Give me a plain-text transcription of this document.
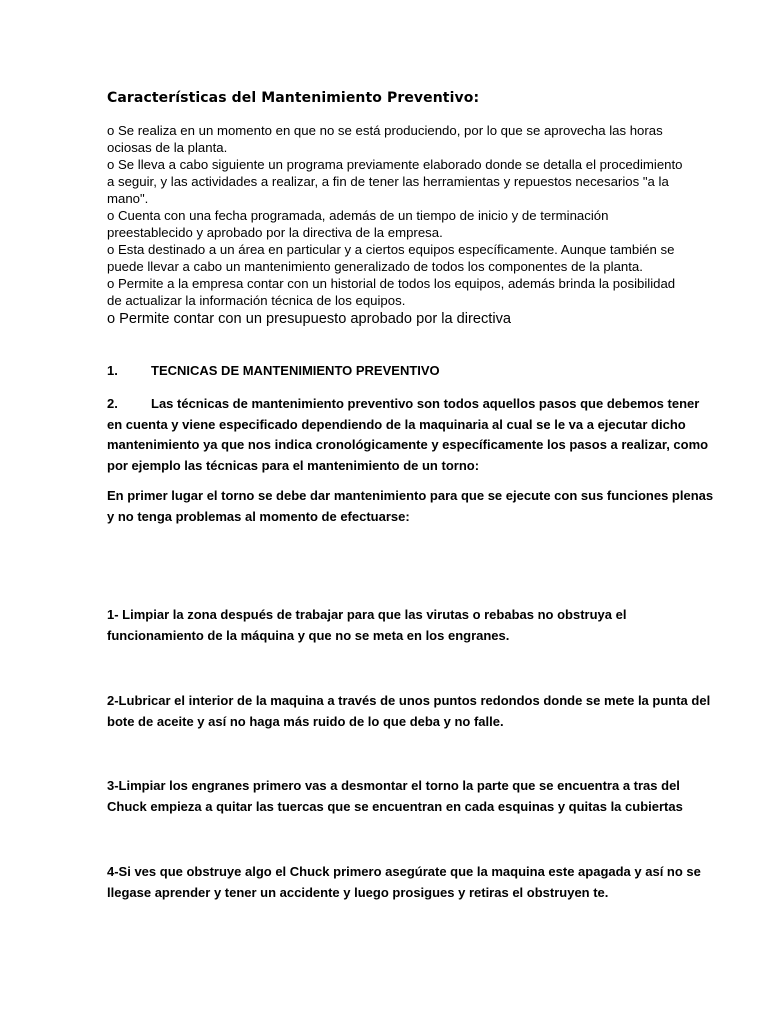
Características del Mantenimiento Preventivo:
o Se realiza en un momento en que no se está produciendo, por lo que se aprovecha las horas
ociosas de la planta.
o Se lleva a cabo siguiente un programa previamente elaborado donde se detalla el procedimiento
a seguir, y las actividades a realizar, a fin de tener las herramientas y repuestos necesarios "a la
mano".
o Cuenta con una fecha programada, además de un tiempo de inicio y de terminación
preestablecido y aprobado por la directiva de la empresa.
o Esta destinado a un área en particular y a ciertos equipos específicamente. Aunque también se
puede llevar a cabo un mantenimiento generalizado de todos los componentes de la planta.
o Permite a la empresa contar con un historial de todos los equipos, además brinda la posibilidad
de actualizar la información técnica de los equipos.
o Permite contar con un presupuesto aprobado por la directiva
1.	TECNICAS DE MANTENIMIENTO PREVENTIVO
2.	Las técnicas de mantenimiento preventivo son todos aquellos pasos que debemos tener
en cuenta y viene especificado dependiendo de la maquinaria al cual se le va a ejecutar dicho
mantenimiento ya que nos indica cronológicamente y específicamente los pasos a realizar, como
por ejemplo las técnicas para el mantenimiento de un torno:
En primer lugar el torno se debe dar mantenimiento para que se ejecute con sus funciones plenas
y no tenga problemas al momento de efectuarse:
1- Limpiar la zona después de trabajar para que las virutas o rebabas no obstruya el
funcionamiento de la máquina y que no se meta en los engranes.
2-Lubricar el interior de la maquina a través de unos puntos redondos donde se mete la punta del
bote de aceite y así no haga más ruido de lo que deba y no falle.
3-Limpiar los engranes primero vas a desmontar el torno la parte que se encuentra a tras del
Chuck empieza a quitar las tuercas que se encuentran en cada esquinas y quitas la cubiertas
4-Si ves que obstruye algo el Chuck primero asegúrate que la maquina este apagada y así no se
llegase aprender y tener un accidente y luego prosigues y retiras el obstruyen te.
